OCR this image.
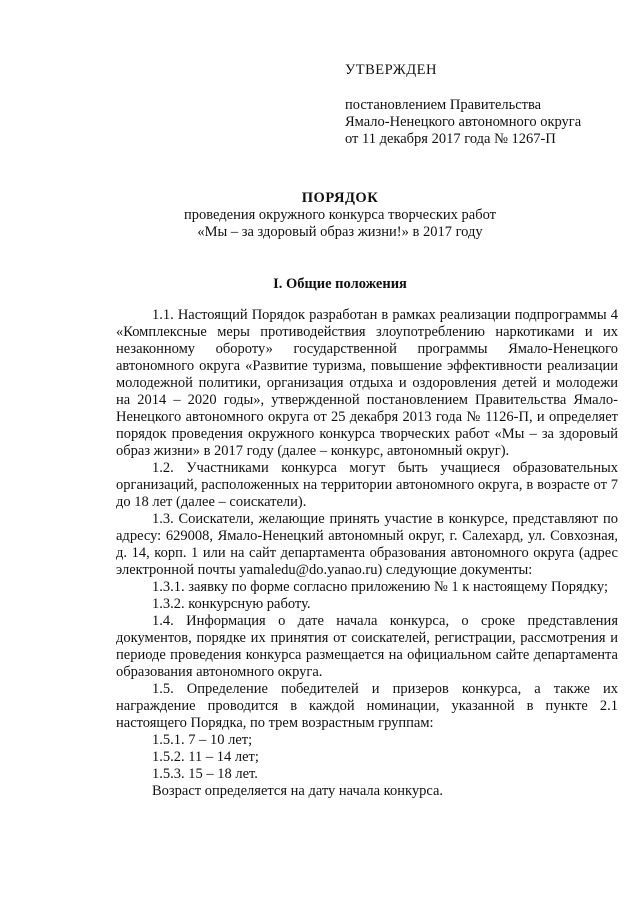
УТВЕРЖДЕН
постановлением Правительства
Ямало-Ненецкого автономного округа
от 11 декабря 2017 года № 1267-П
ПОРЯДОК
проведения окружного конкурса творческих работ
«Мы – за здоровый образ жизни!» в 2017 году
I. Общие положения

1.1. Настоящий Порядок разработан в рамках реализации подпрограммы 4 «Комплексные меры противодействия злоупотреблению наркотиками и их незаконному обороту» государственной программы Ямало-Ненецкого автономного округа «Развитие туризма, повышение эффективности реализации молодежной политики, организация отдыха и оздоровления детей и молодежи на 2014 – 2020 годы», утвержденной постановлением Правительства Ямало-Ненецкого автономного округа от 25 декабря 2013 года № 1126-П, и определяет порядок проведения окружного конкурса творческих работ «Мы – за здоровый образ жизни» в 2017 году (далее – конкурс, автономный округ).

1.2. Участниками конкурса могут быть учащиеся образовательных организаций, расположенных на территории автономного округа, в возрасте от 7 до 18 лет (далее – соискатели).

1.3. Соискатели, желающие принять участие в конкурсе, представляют по адресу: 629008, Ямало-Ненецкий автономный округ, г. Салехард, ул. Совхозная, д. 14, корп. 1 или на сайт департамента образования автономного округа (адрес электронной почты yamaledu@do.yanao.ru) следующие документы:

1.3.1. заявку по форме согласно приложению № 1 к настоящему Порядку;

1.3.2. конкурсную работу.

1.4. Информация о дате начала конкурса, о сроке представления документов, порядке их принятия от соискателей, регистрации, рассмотрения и периоде проведения конкурса размещается на официальном сайте департамента образования автономного округа.

1.5. Определение победителей и призеров конкурса, а также их награждение проводится в каждой номинации, указанной в пункте 2.1 настоящего Порядка, по трем возрастным группам:

1.5.1. 7 – 10 лет;

1.5.2. 11 – 14 лет;

1.5.3. 15 – 18 лет.

Возраст определяется на дату начала конкурса.
